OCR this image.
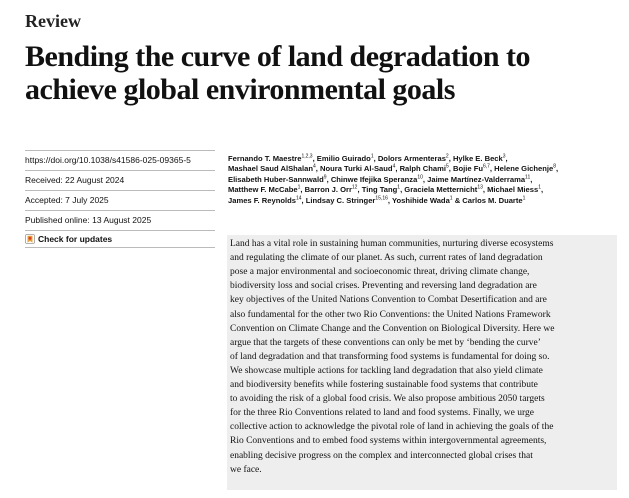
Review
Bending the curve of land degradation to
achieve global environmental goals
https://doi.org/10.1038/s41586-025-09365-5
Received: 22 August 2024
Accepted: 7 July 2025
Published online: 13 August 2025
Check for updates
Fernando T. Maestre$^{1,2,3}$, Emilio Guirado$^1$, Dolors Armenteras$^2$, Hylke E. Beck$^3$,
Mashael Saud AlShalan$^4$, Noura Turki Al-Saud$^4$, Ralph Chami$^5$, Bojie Fu$^{6,7}$, Helene Gichenje$^8$,
Elisabeth Huber-Sannwald$^9$, Chinwe Ifejika Speranza$^{10}$, Jaime Martínez-Valderrama$^{11}$,
Matthew F. McCabe$^1$, Barron J. Orr$^{12}$, Ting Tang$^1$, Graciela Metternicht$^{13}$, Michael Miess$^1$,
James F. Reynolds$^{14}$, Lindsay C. Stringer$^{15,16}$, Yoshihide Wada$^1$ & Carlos M. Duarte$^1$
Land has a vital role in sustaining human communities, nurturing diverse ecosystems
and regulating the climate of our planet. As such, current rates of land degradation
pose a major environmental and socioeconomic threat, driving climate change,
biodiversity loss and social crises. Preventing and reversing land degradation are
key objectives of the United Nations Convention to Combat Desertification and are
also fundamental for the other two Rio Conventions: the United Nations Framework
Convention on Climate Change and the Convention on Biological Diversity. Here we
argue that the targets of these conventions can only be met by ‘bending the curve’
of land degradation and that transforming food systems is fundamental for doing so.
We showcase multiple actions for tackling land degradation that also yield climate
and biodiversity benefits while fostering sustainable food systems that contribute
to avoiding the risk of a global food crisis. We also propose ambitious 2050 targets
for the three Rio Conventions related to land and food systems. Finally, we urge
collective action to acknowledge the pivotal role of land in achieving the goals of the
Rio Conventions and to embed food systems within intergovernmental agreements,
enabling decisive progress on the complex and interconnected global crises that
we face.
